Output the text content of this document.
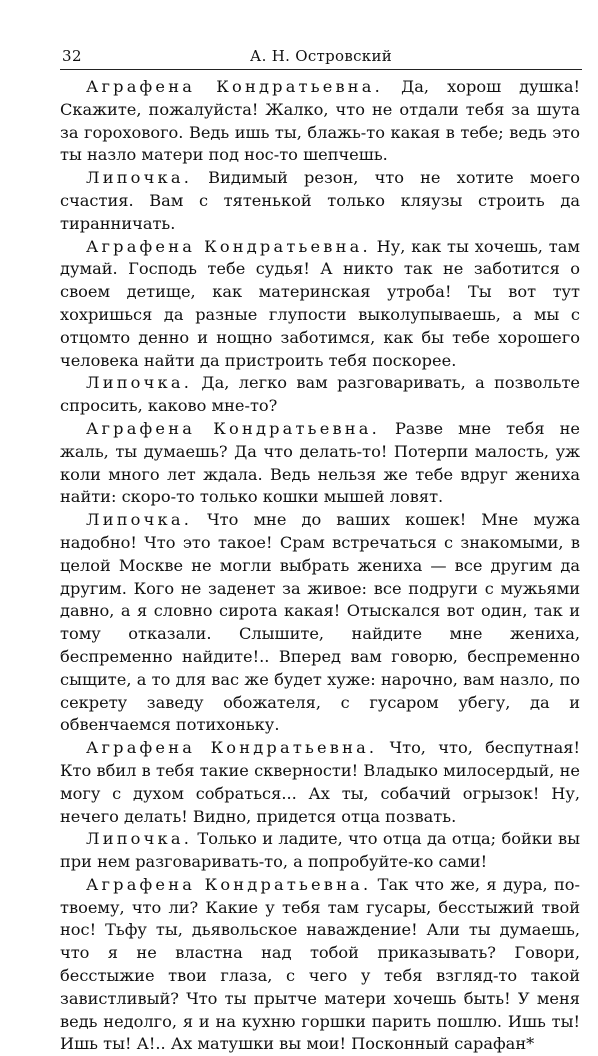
32	А. Н. Островский

Аграфена Кондратьевна. Да, хорош душка! Скажите, пожалуйста! Жалко, что не отдали тебя за шута за горохового. Ведь ишь ты, блажь-то какая в тебе; ведь это ты назло матери под нос-то шепчешь.

Липочка. Видимый резон, что не хотите моего счастия. Вам с тятенькой только кляузы строить да тиранничать.

Аграфена Кондратьевна. Ну, как ты хочешь, там думай. Господь тебе судья! А никто так не заботится о своем детище, как материнская утроба! Ты вот тут хохришься да разные глупости выколупываешь, а мы с отцомто денно и нощно заботимся, как бы тебе хорошего человека найти да пристроить тебя поскорее.

Липочка. Да, легко вам разговаривать, а позвольте спросить, каково мне-то?

Аграфена Кондратьевна. Разве мне тебя не жаль, ты думаешь? Да что делать-то! Потерпи малость, уж коли много лет ждала. Ведь нельзя же тебе вдруг жениха найти: скоро-то только кошки мышей ловят.

Липочка. Что мне до ваших кошек! Мне мужа надобно! Что это такое! Срам встречаться с знакомыми, в целой Москве не могли выбрать жениха — все другим да другим. Кого не заденет за живое: все подруги с мужьями давно, а я словно сирота какая! Отыскался вот один, так и тому отказали. Слышите, найдите мне жениха, беспременно найдите!.. Вперед вам говорю, беспременно сыщите, а то для вас же будет хуже: нарочно, вам назло, по секрету заведу обожателя, с гусаром убегу, да и обвенчаемся потихоньку.

Аграфена Кондратьевна. Что, что, беспутная! Кто вбил в тебя такие скверности! Владыко милосердый, не могу с духом собраться... Ах ты, собачий огрызок! Ну, нечего делать! Видно, придется отца позвать.

Липочка. Только и ладите, что отца да отца; бойки вы при нем разговаривать-то, а попробуйте-ко сами!

Аграфена Кондратьевна. Так что же, я дура, по-твоему, что ли? Какие у тебя там гусары, бесстыжий твой нос! Тьфу ты, дьявольское наваждение! Али ты думаешь, что я не властна над тобой приказывать? Говори, бесстыжие твои глаза, с чего у тебя взгляд-то такой завистливый? Что ты прытче матери хочешь быть! У меня ведь недолго, я и на кухню горшки парить пошлю. Ишь ты! Ишь ты! А!.. Ах матушки вы мои! Посконный сарафан*
